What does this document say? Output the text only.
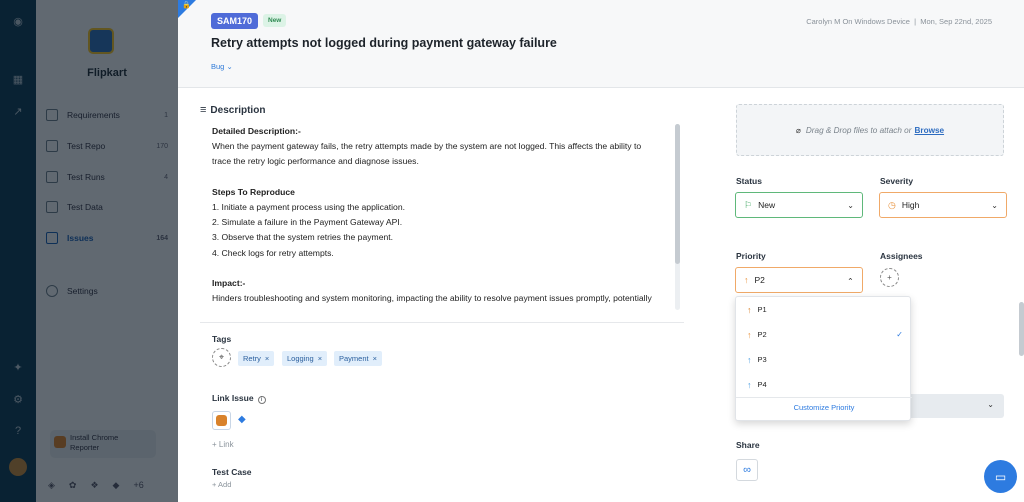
🔒
SAM170	New	Carolyn M On Windows Device | Mon, Sep 22nd, 2025
Retry attempts not logged during payment gateway failure
Bug ⌄
≡ Description
Detailed Description:-
When the payment gateway fails, the retry attempts made by the system are not logged. This affects the ability to
trace the retry logic performance and diagnose issues.
Steps To Reproduce
1. Initiate a payment process using the application.
2. Simulate a failure in the Payment Gateway API.
3. Observe that the system retries the payment.
4. Check logs for retry attempts.
Impact:-
Hinders troubleshooting and system monitoring, impacting the ability to resolve payment issues promptly, potentially
Tags
⌖	Retry ×	Logging ×	Payment ×
Link Issue i
◆
+ Link
Test Case
+ Add
⌀ Drag & Drop files to attach or Browse
Status
⚐ New	⌄
Severity
◷ High	⌄
Priority
↑ P2	⌄
Assignees
+
⌄
↑ P1
↑ P2	✓
↑ P3
↑ P4
Customize Priority
Share
∞	▭
